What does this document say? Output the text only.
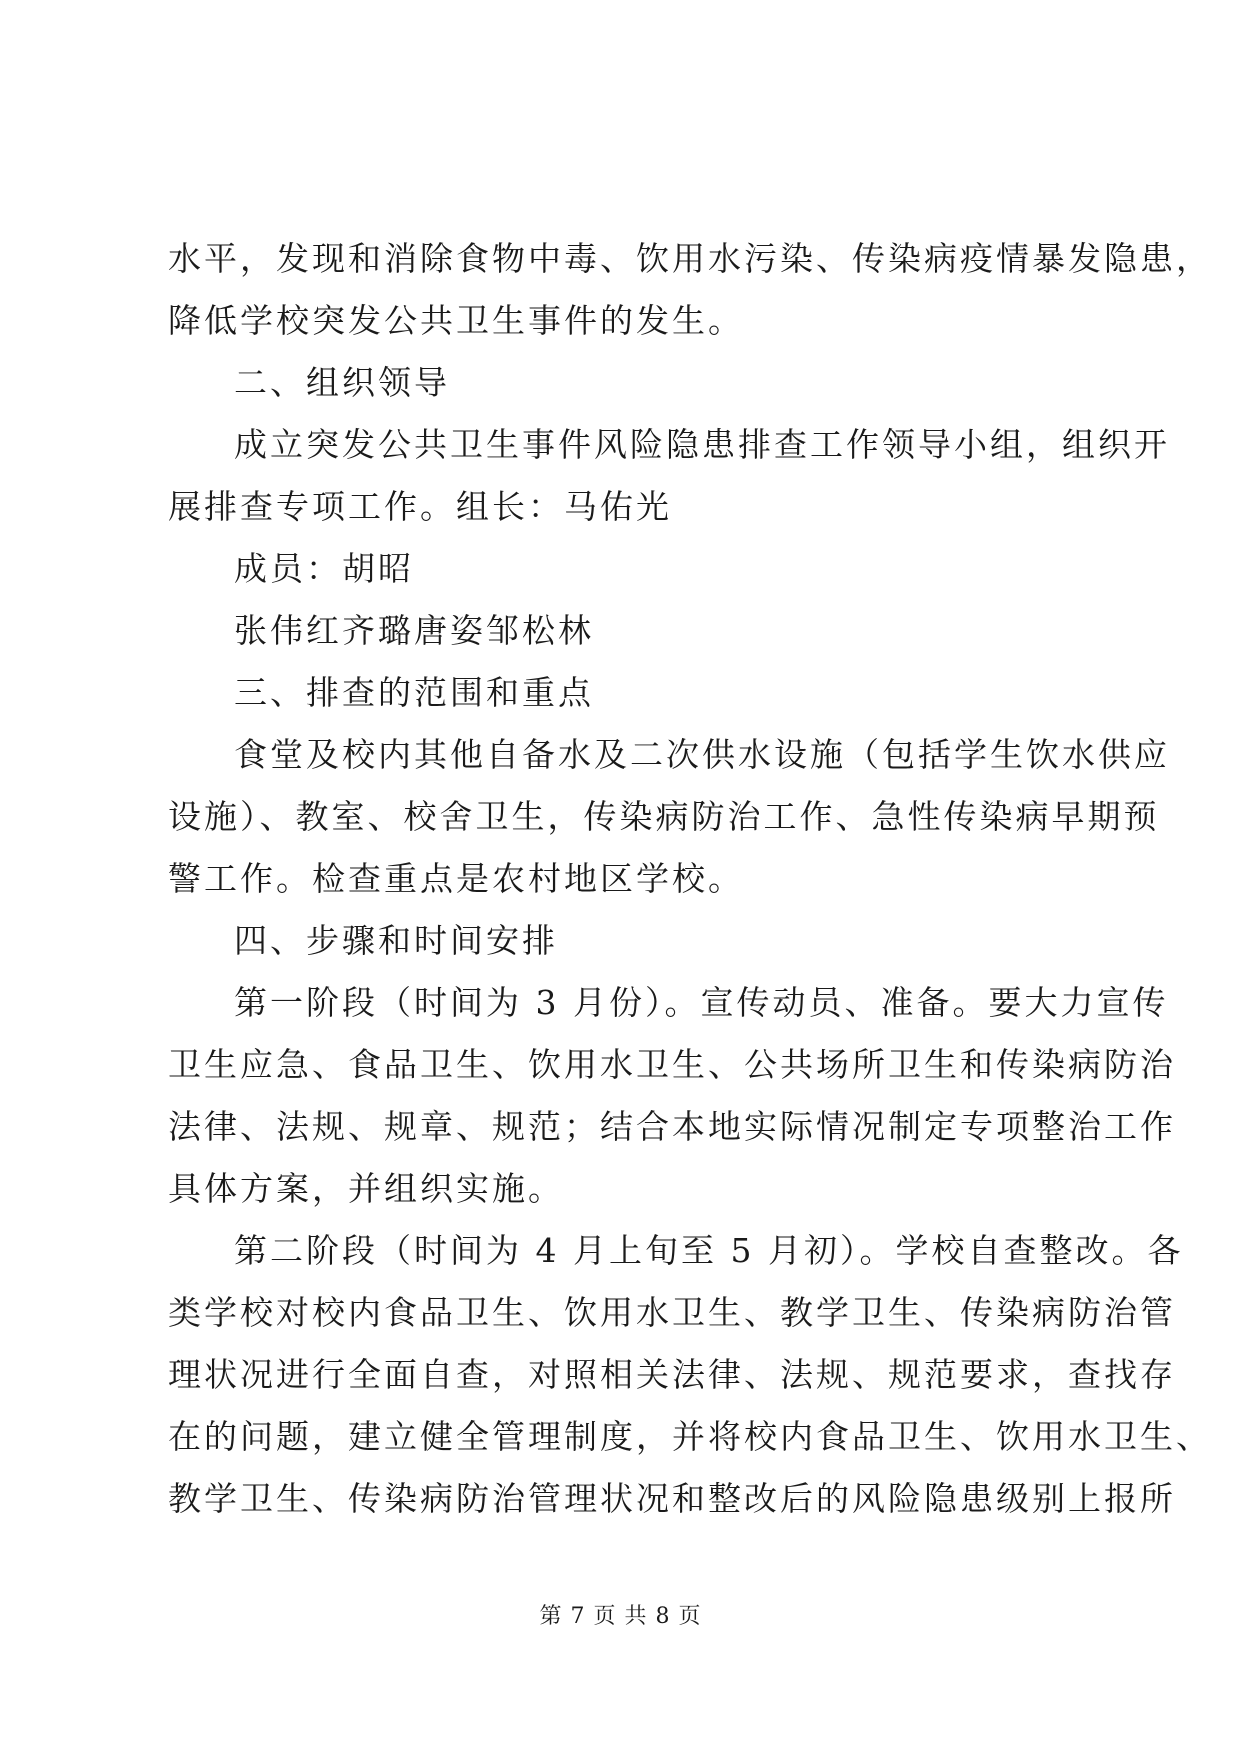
水平，发现和消除食物中毒、饮用水污染、传染病疫情暴发隐患，
降低学校突发公共卫生事件的发生。
二、组织领导
成立突发公共卫生事件风险隐患排查工作领导小组，组织开
展排查专项工作。组长：马佑光
成员：胡昭
张伟红齐璐唐姿邹松林
三、排查的范围和重点
食堂及校内其他自备水及二次供水设施（包括学生饮水供应
设施）、教室、校舍卫生，传染病防治工作、急性传染病早期预
警工作。检查重点是农村地区学校。
四、步骤和时间安排
第一阶段（时间为 3 月份）。宣传动员、准备。要大力宣传
卫生应急、食品卫生、饮用水卫生、公共场所卫生和传染病防治
法律、法规、规章、规范；结合本地实际情况制定专项整治工作
具体方案，并组织实施。
第二阶段（时间为 4 月上旬至 5 月初）。学校自查整改。各
类学校对校内食品卫生、饮用水卫生、教学卫生、传染病防治管
理状况进行全面自查，对照相关法律、法规、规范要求，查找存
在的问题，建立健全管理制度，并将校内食品卫生、饮用水卫生、
教学卫生、传染病防治管理状况和整改后的风险隐患级别上报所
第 7 页 共 8 页
